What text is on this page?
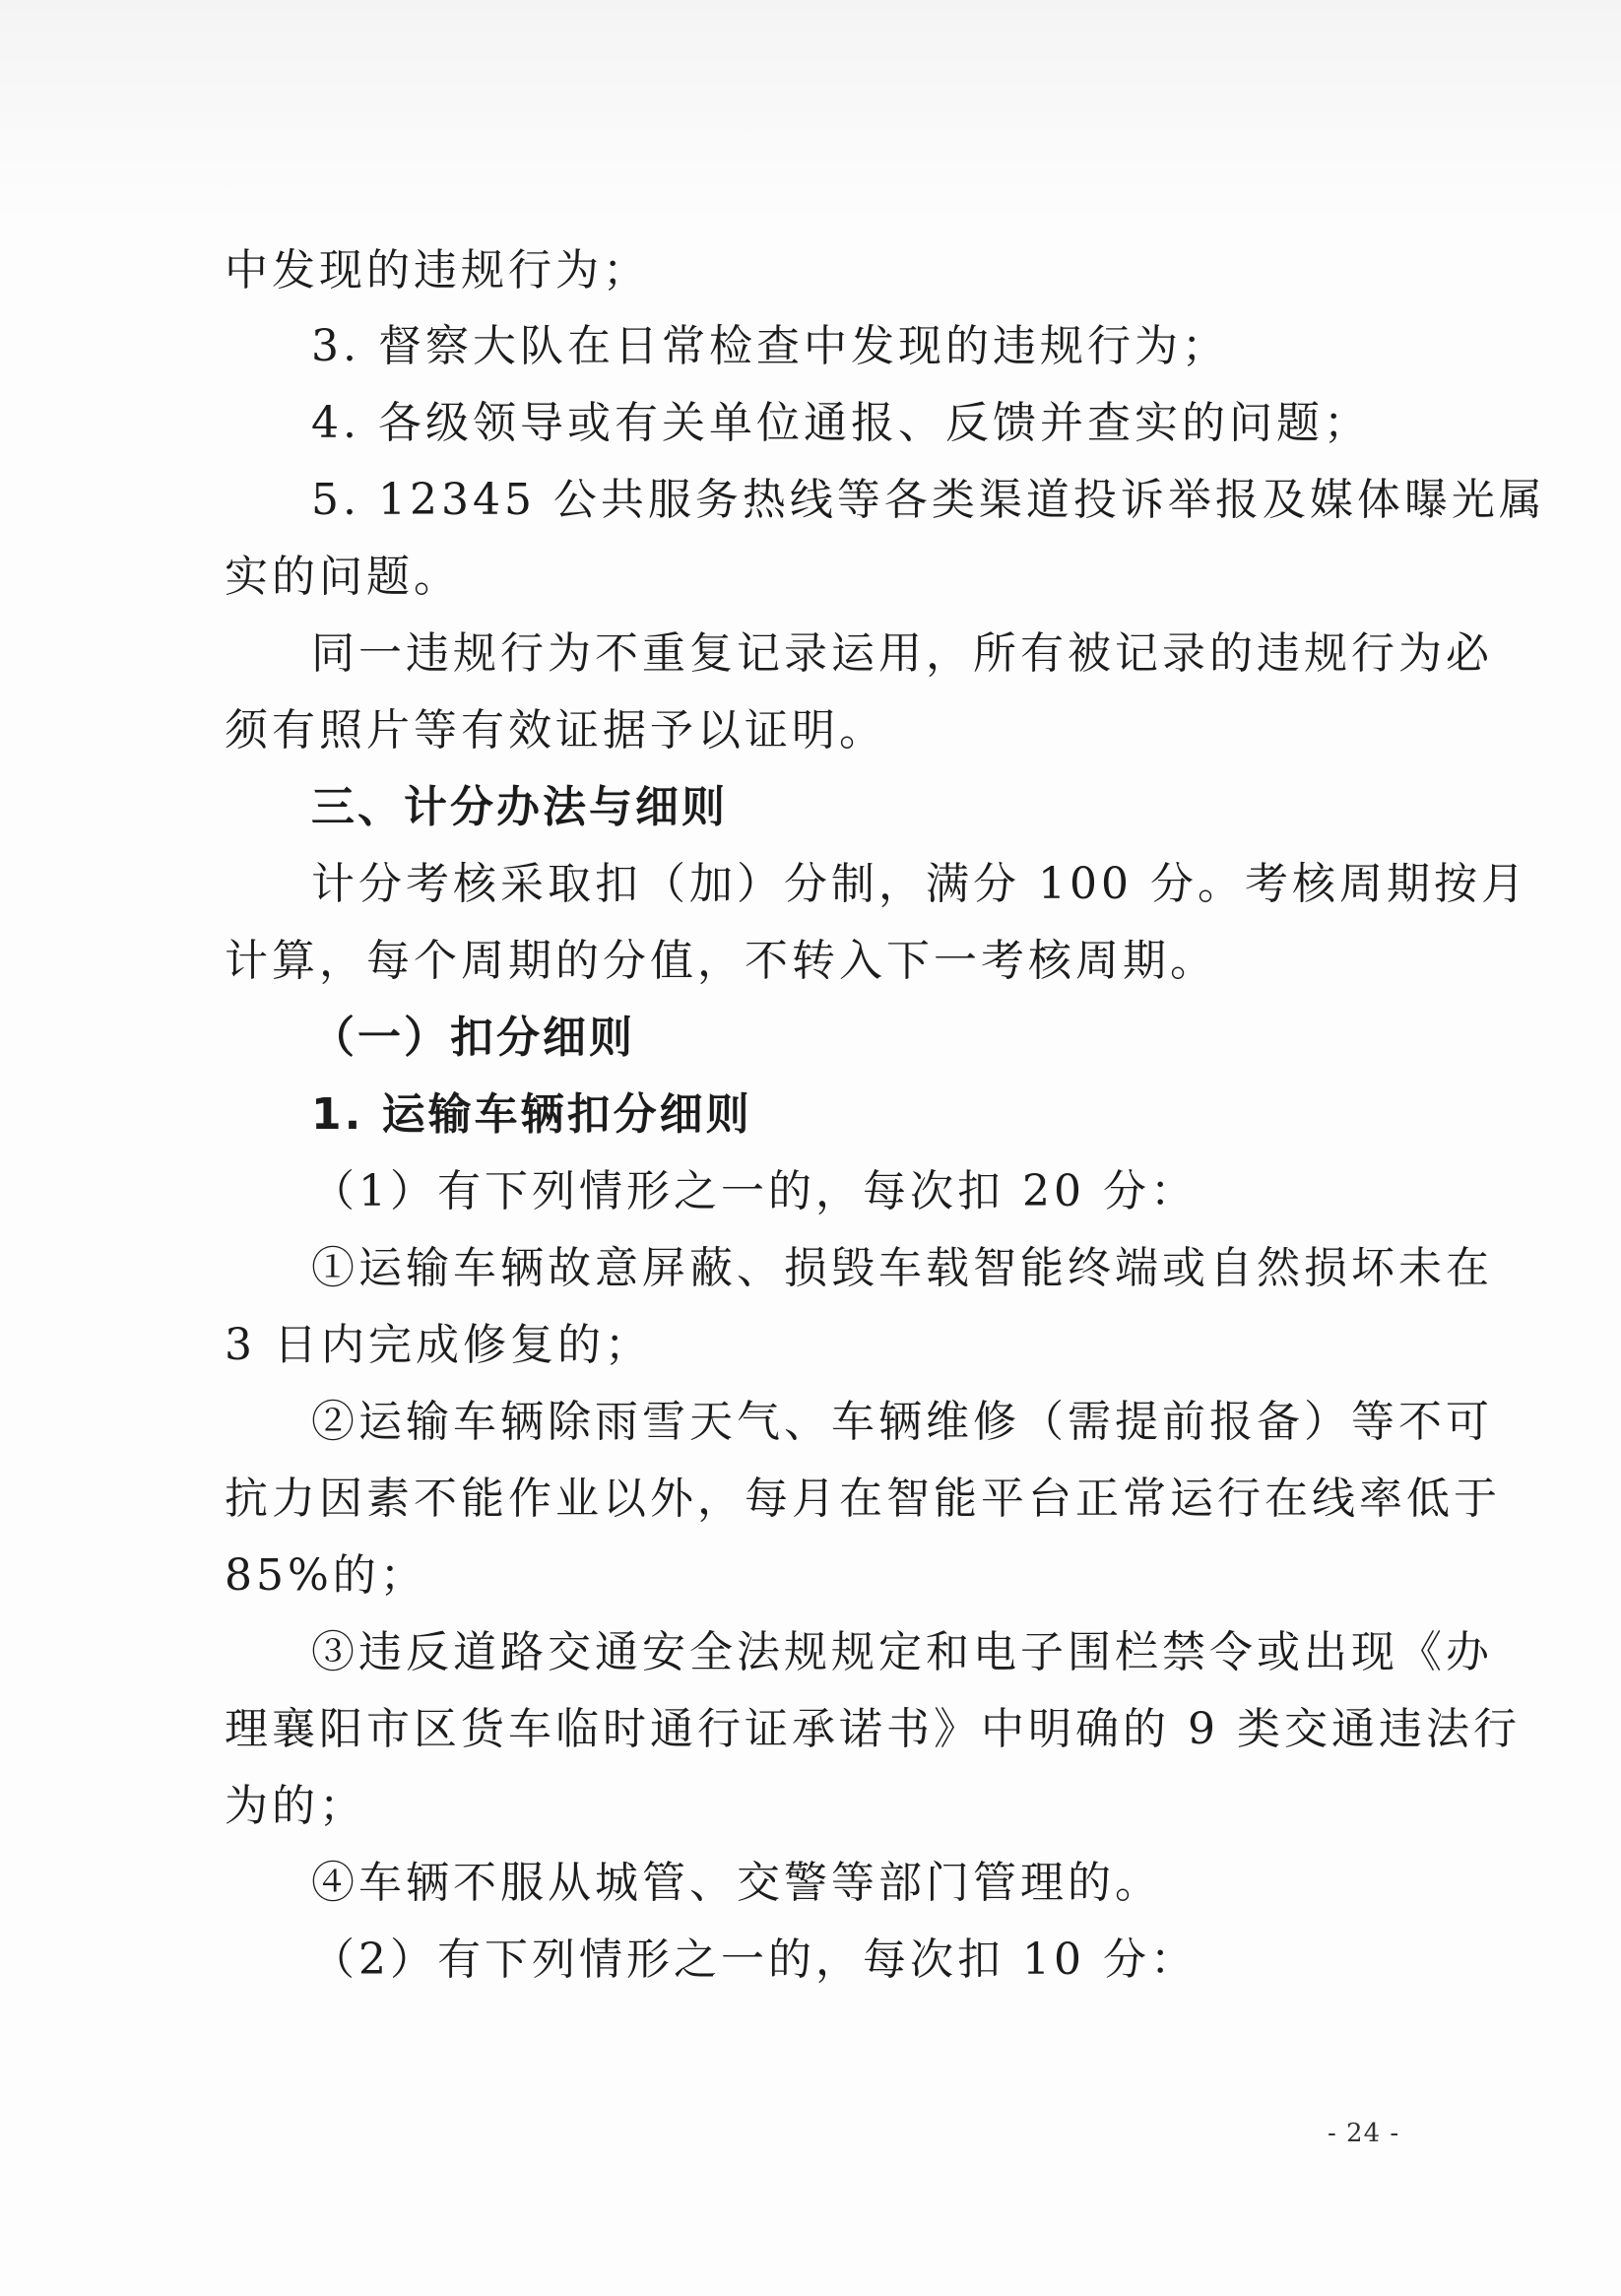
中发现的违规行为；
3. 督察大队在日常检查中发现的违规行为；
4. 各级领导或有关单位通报、反馈并查实的问题；
5. 12345 公共服务热线等各类渠道投诉举报及媒体曝光属
实的问题。
同一违规行为不重复记录运用，所有被记录的违规行为必
须有照片等有效证据予以证明。
三、计分办法与细则
计分考核采取扣（加）分制，满分 100 分。考核周期按月
计算，每个周期的分值，不转入下一考核周期。
（一）扣分细则
1. 运输车辆扣分细则
（1）有下列情形之一的，每次扣 20 分：
①运输车辆故意屏蔽、损毁车载智能终端或自然损坏未在
3 日内完成修复的；
②运输车辆除雨雪天气、车辆维修（需提前报备）等不可
抗力因素不能作业以外，每月在智能平台正常运行在线率低于
85%的；
③违反道路交通安全法规规定和电子围栏禁令或出现《办
理襄阳市区货车临时通行证承诺书》中明确的 9 类交通违法行
为的；
④车辆不服从城管、交警等部门管理的。
（2）有下列情形之一的，每次扣 10 分：
- 24 -
